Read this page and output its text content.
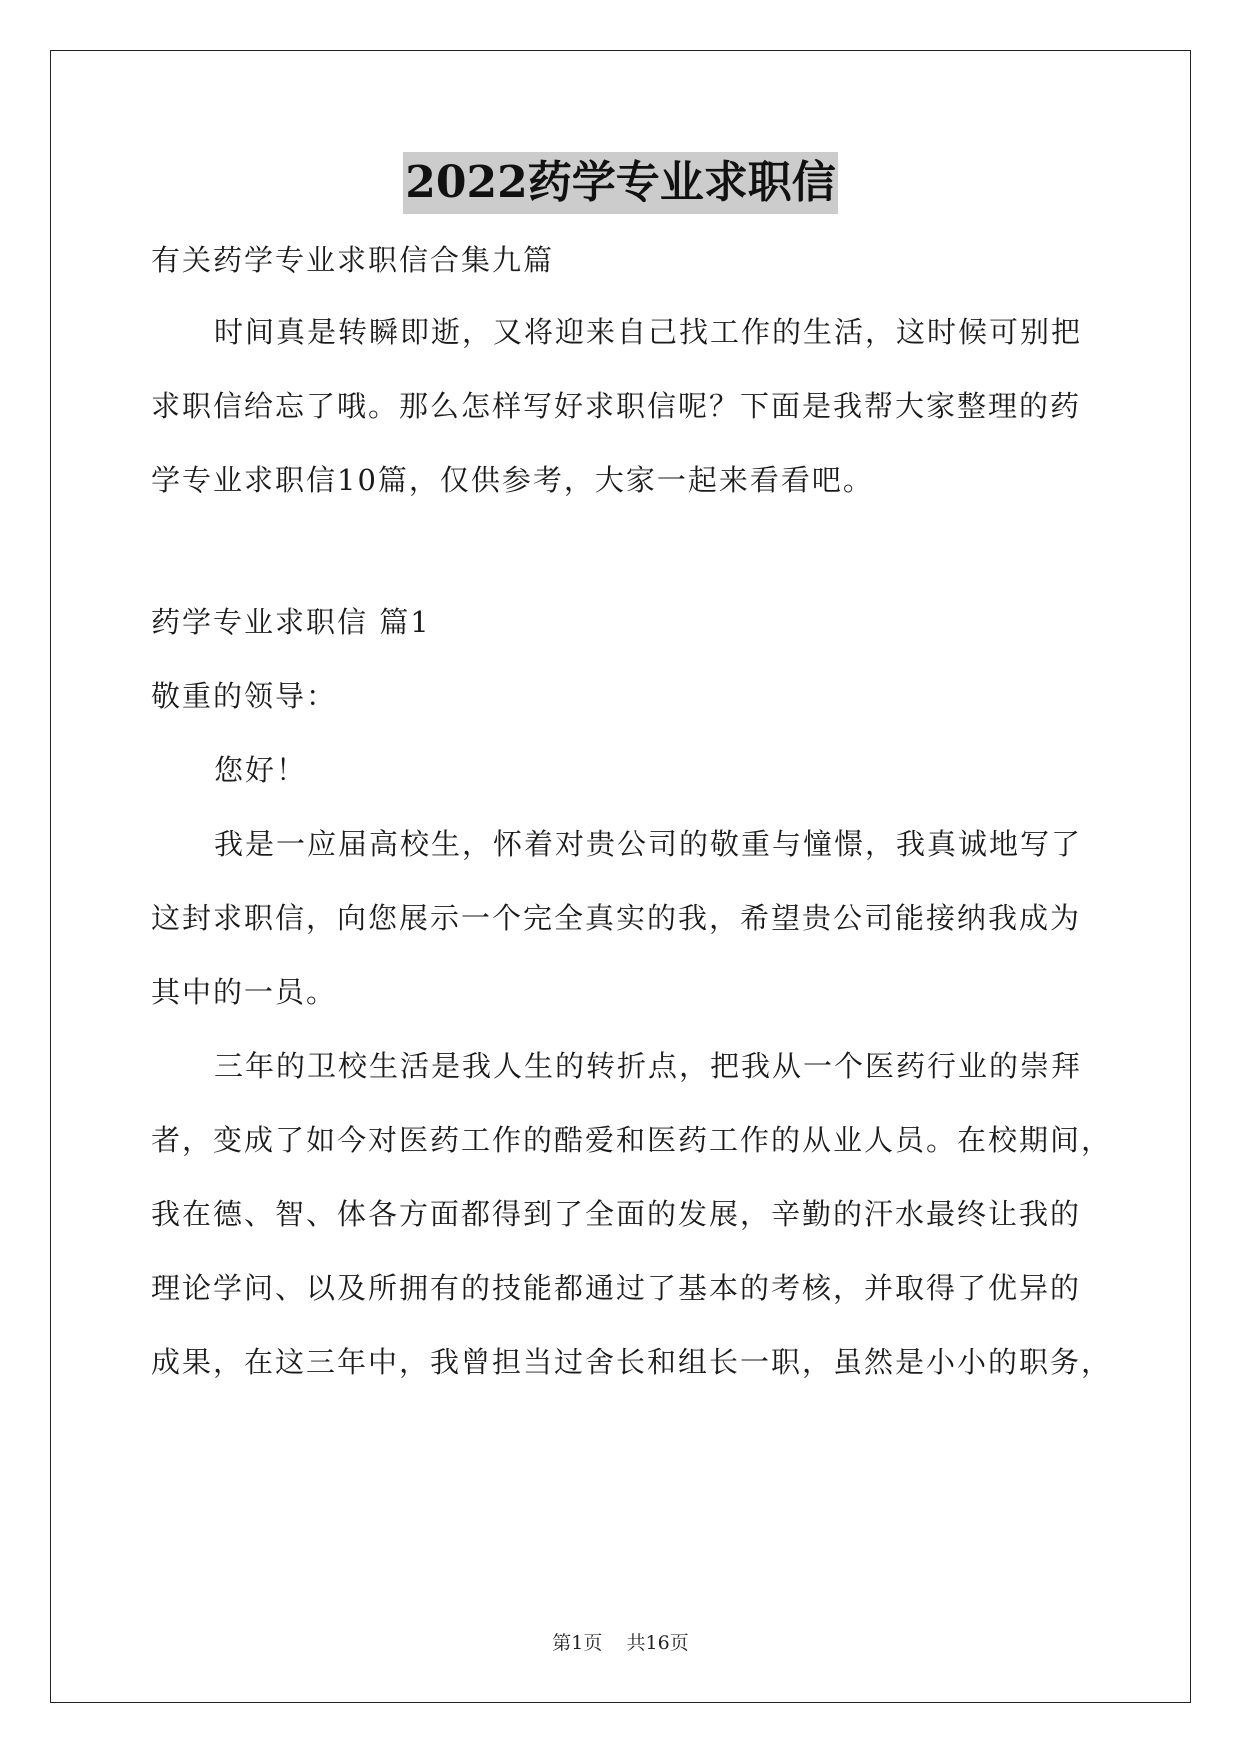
2022药学专业求职信
有关药学专业求职信合集九篇
时间真是转瞬即逝，又将迎来自己找工作的生活，这时候可别把
求职信给忘了哦。那么怎样写好求职信呢？下面是我帮大家整理的药
学专业求职信10篇，仅供参考，大家一起来看看吧。
药学专业求职信 篇1
敬重的领导：
您好！
我是一应届高校生，怀着对贵公司的敬重与憧憬，我真诚地写了
这封求职信，向您展示一个完全真实的我，希望贵公司能接纳我成为
其中的一员。
三年的卫校生活是我人生的转折点，把我从一个医药行业的崇拜
者，变成了如今对医药工作的酷爱和医药工作的从业人员。在校期间，
我在德、智、体各方面都得到了全面的发展，辛勤的汗水最终让我的
理论学问、以及所拥有的技能都通过了基本的考核，并取得了优异的
成果，在这三年中，我曾担当过舍长和组长一职，虽然是小小的职务，
第1页 共16页
